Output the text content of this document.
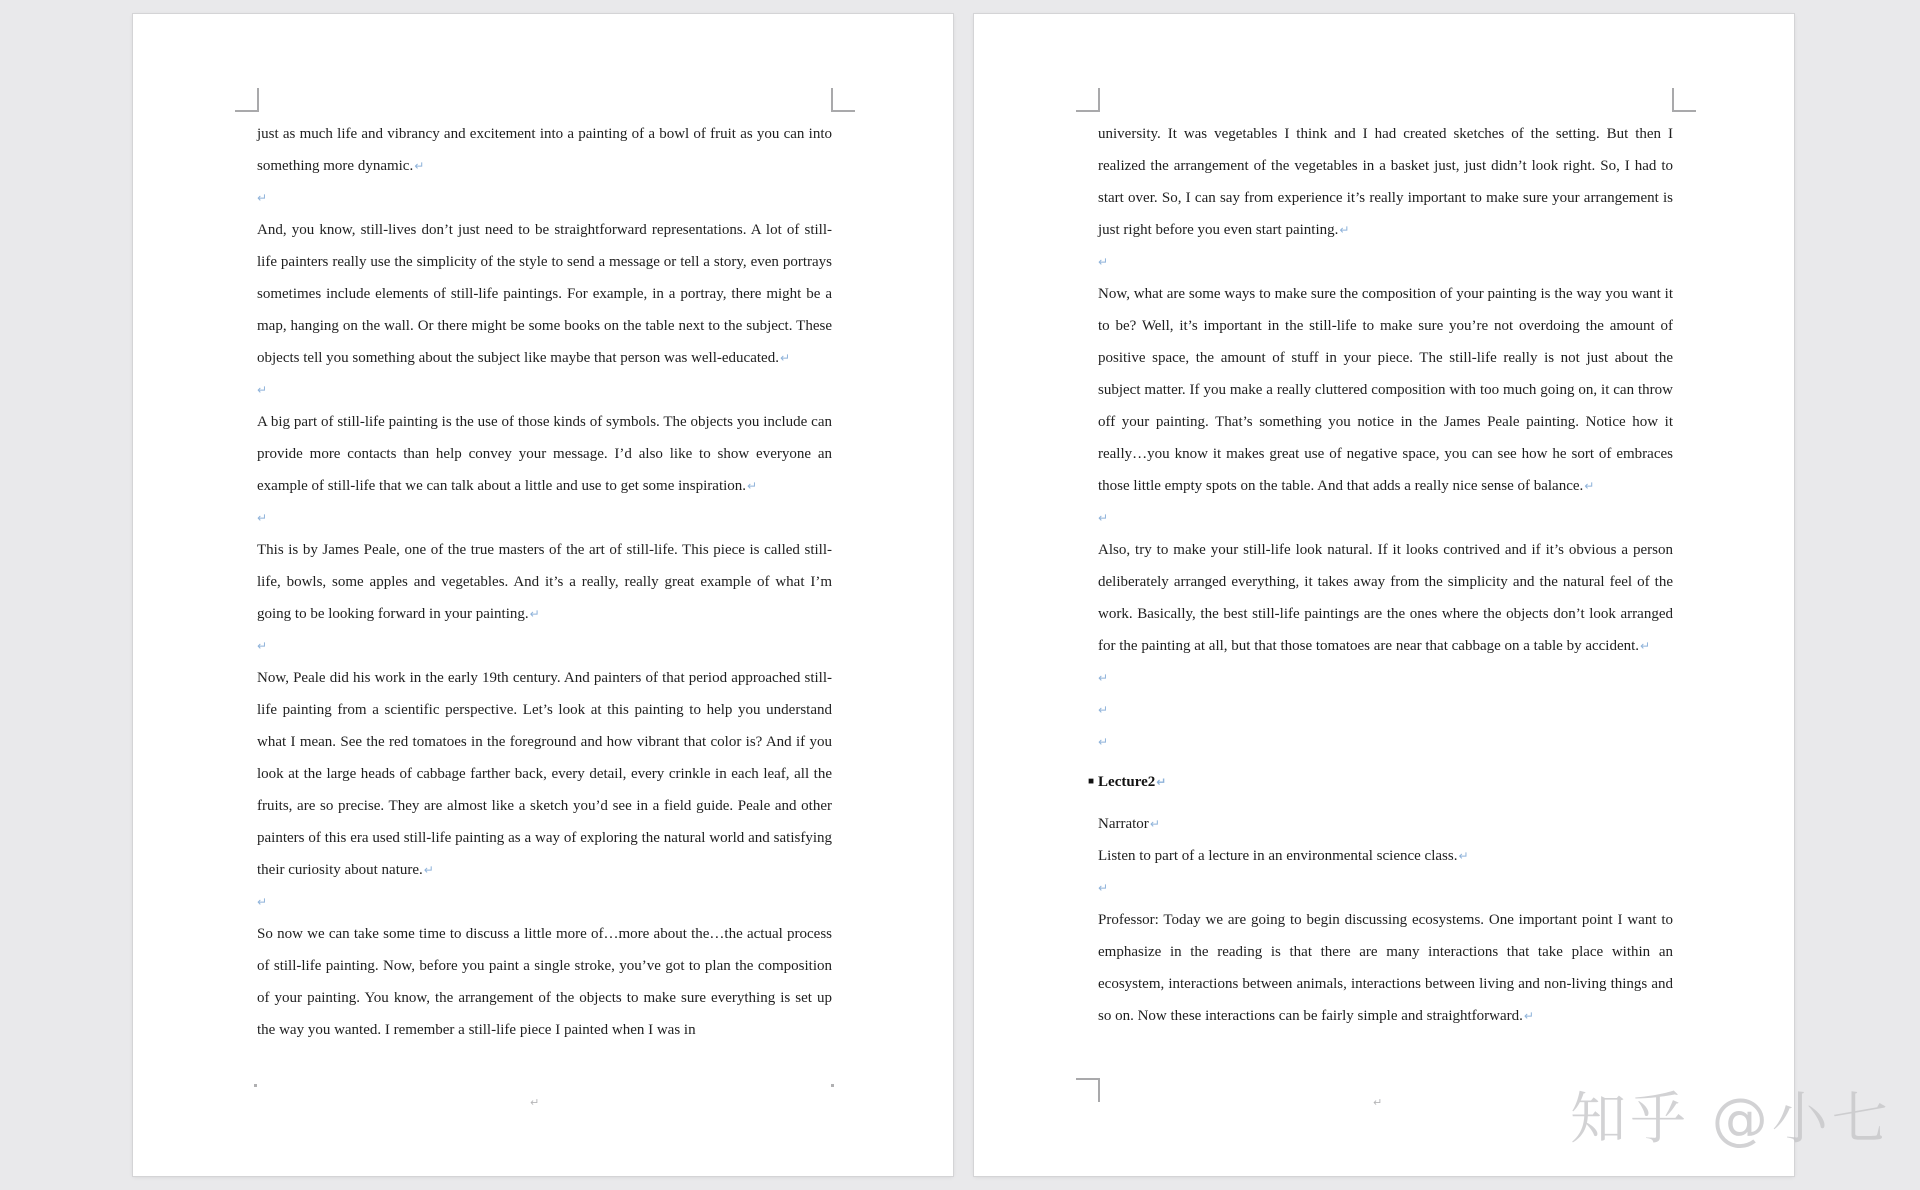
just as much life and vibrancy and excitement into a painting of a bowl of fruit as you can into something more dynamic.↵

↵

And, you know, still-lives don’t just need to be straightforward representations. A lot of still-life painters really use the simplicity of the style to send a message or tell a story, even portrays sometimes include elements of still-life paintings. For example, in a portray, there might be a map, hanging on the wall. Or there might be some books on the table next to the subject. These objects tell you something about the subject like maybe that person was well-educated.↵

↵

A big part of still-life painting is the use of those kinds of symbols. The objects you include can provide more contacts than help convey your message. I’d also like to show everyone an example of still-life that we can talk about a little and use to get some inspiration.↵

↵

This is by James Peale, one of the true masters of the art of still-life. This piece is called still-life, bowls, some apples and vegetables. And it’s a really, really great example of what I’m going to be looking forward in your painting.↵

↵

Now, Peale did his work in the early 19th century. And painters of that period approached still-life painting from a scientific perspective. Let’s look at this painting to help you understand what I mean. See the red tomatoes in the foreground and how vibrant that color is? And if you look at the large heads of cabbage farther back, every detail, every crinkle in each leaf, all the fruits, are so precise. They are almost like a sketch you’d see in a field guide. Peale and other painters of this era used still-life painting as a way of exploring the natural world and satisfying their curiosity about nature.↵

↵

So now we can take some time to discuss a little more of…more about the…the actual process of still-life painting. Now, before you paint a single stroke, you’ve got to plan the composition of your painting. You know, the arrangement of the objects to make sure everything is set up the way you wanted. I remember a still-life piece I painted when I was in

↵

university. It was vegetables I think and I had created sketches of the setting. But then I realized the arrangement of the vegetables in a basket just, just didn’t look right. So, I had to start over. So, I can say from experience it’s really important to make sure your arrangement is just right before you even start painting.↵

↵

Now, what are some ways to make sure the composition of your painting is the way you want it to be? Well, it’s important in the still-life to make sure you’re not overdoing the amount of positive space, the amount of stuff in your piece. The still-life really is not just about the subject matter. If you make a really cluttered composition with too much going on, it can throw off your painting. That’s something you notice in the James Peale painting. Notice how it really…you know it makes great use of negative space, you can see how he sort of embraces those little empty spots on the table. And that adds a really nice sense of balance.↵

↵

Also, try to make your still-life look natural. If it looks contrived and if it’s obvious a person deliberately arranged everything, it takes away from the simplicity and the natural feel of the work. Basically, the best still-life paintings are the ones where the objects don’t look arranged for the painting at all, but that those tomatoes are near that cabbage on a table by accident.↵

↵
↵
↵
■ Lecture2↵

Narrator↵

Listen to part of a lecture in an environmental science class.↵

↵

Professor: Today we are going to begin discussing ecosystems. One important point I want to emphasize in the reading is that there are many interactions that take place within an ecosystem, interactions between animals, interactions between living and non-living things and so on. Now these interactions can be fairly simple and straightforward.↵

↵	知乎 @小七
